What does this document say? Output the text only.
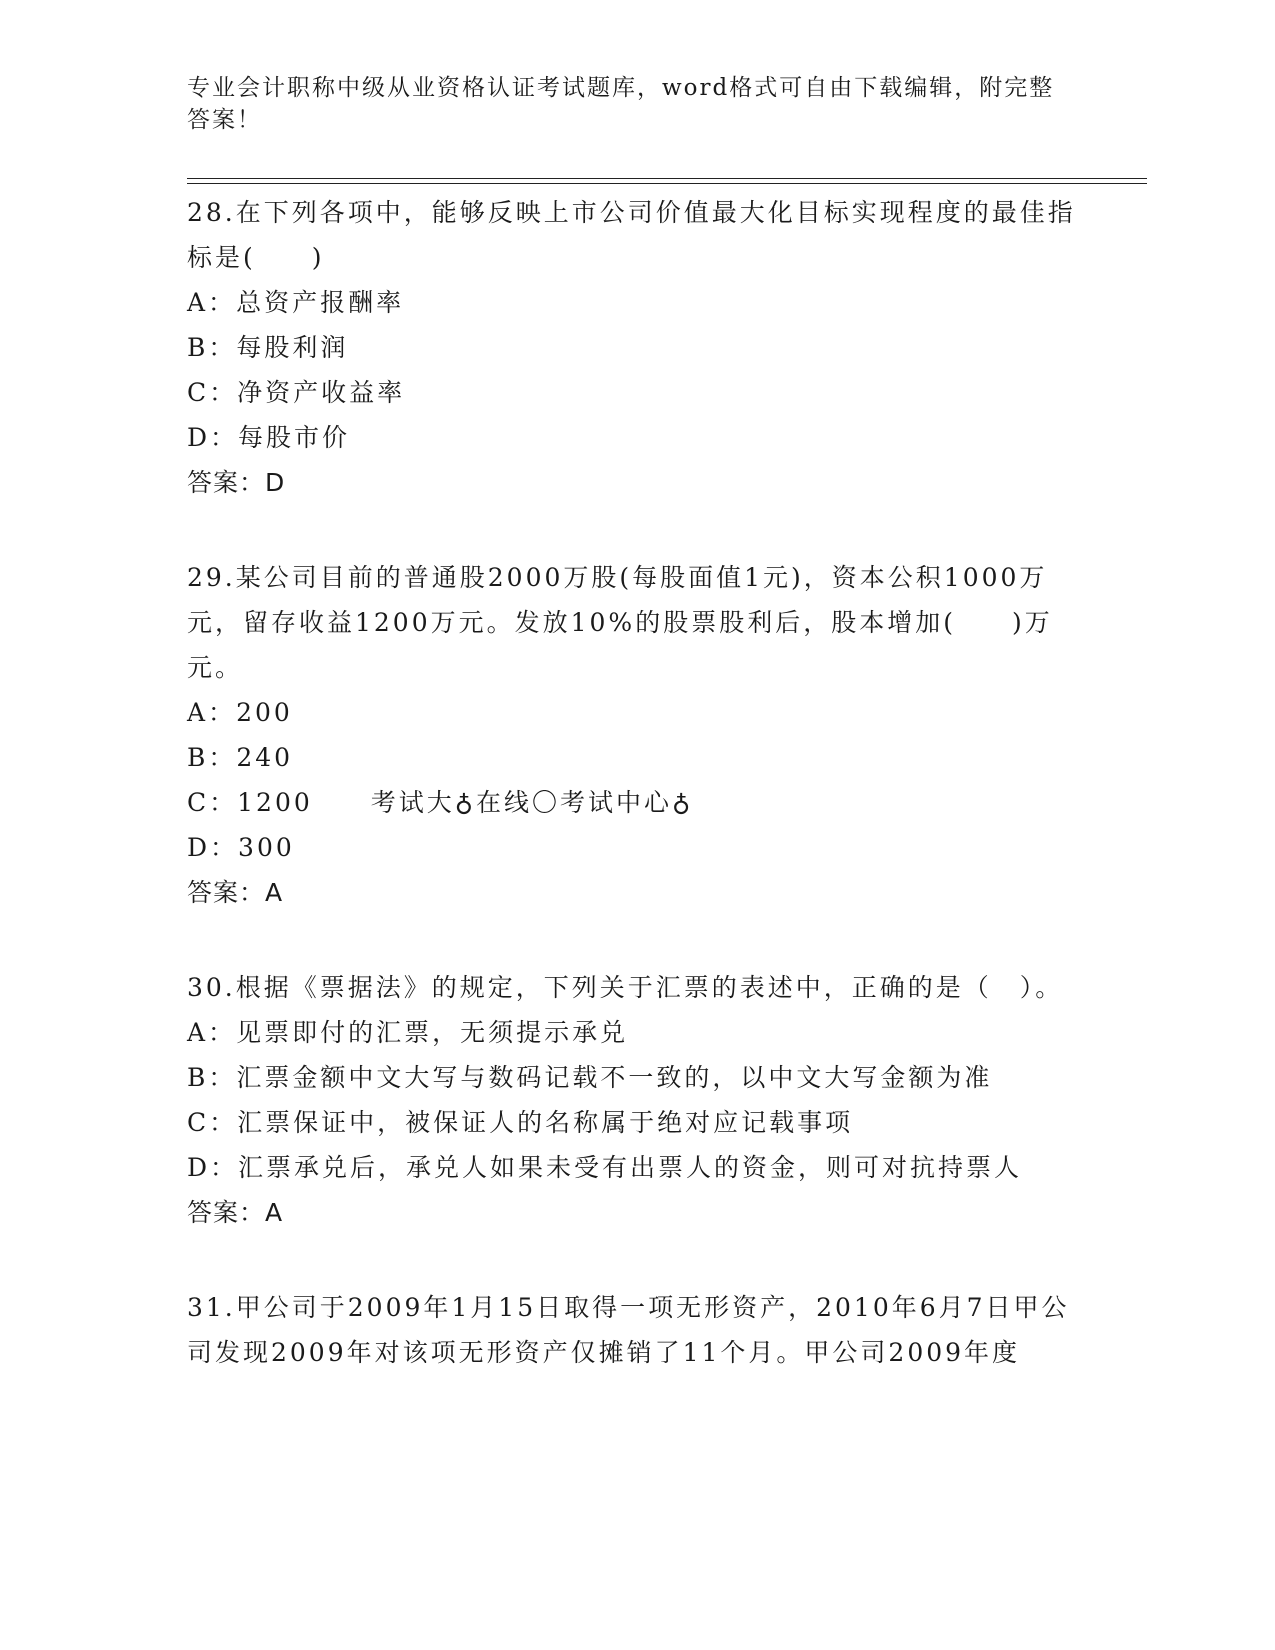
专业会计职称中级从业资格认证考试题库，word格式可自由下载编辑，附完整答案！

28.在下列各项中，能够反映上市公司价值最大化目标实现程度的最佳指标是(　　)

A：总资产报酬率
B：每股利润
C：净资产收益率
D：每股市价
答案：D

29.某公司目前的普通股2000万股(每股面值1元)，资本公积1000万元，留存收益1200万元。发放10%的股票股利后，股本增加(　　)万元。

A：200
B：240
C：1200 考试大♁在线〇考试中心♁
D：300
答案：A

30.根据《票据法》的规定，下列关于汇票的表述中，正确的是（　）。

A：见票即付的汇票，无须提示承兑
B：汇票金额中文大写与数码记载不一致的，以中文大写金额为准
C：汇票保证中，被保证人的名称属于绝对应记载事项
D：汇票承兑后，承兑人如果未受有出票人的资金，则可对抗持票人
答案：A

31.甲公司于2009年1月15日取得一项无形资产，2010年6月7日甲公司发现2009年对该项无形资产仅摊销了11个月。甲公司2009年度
